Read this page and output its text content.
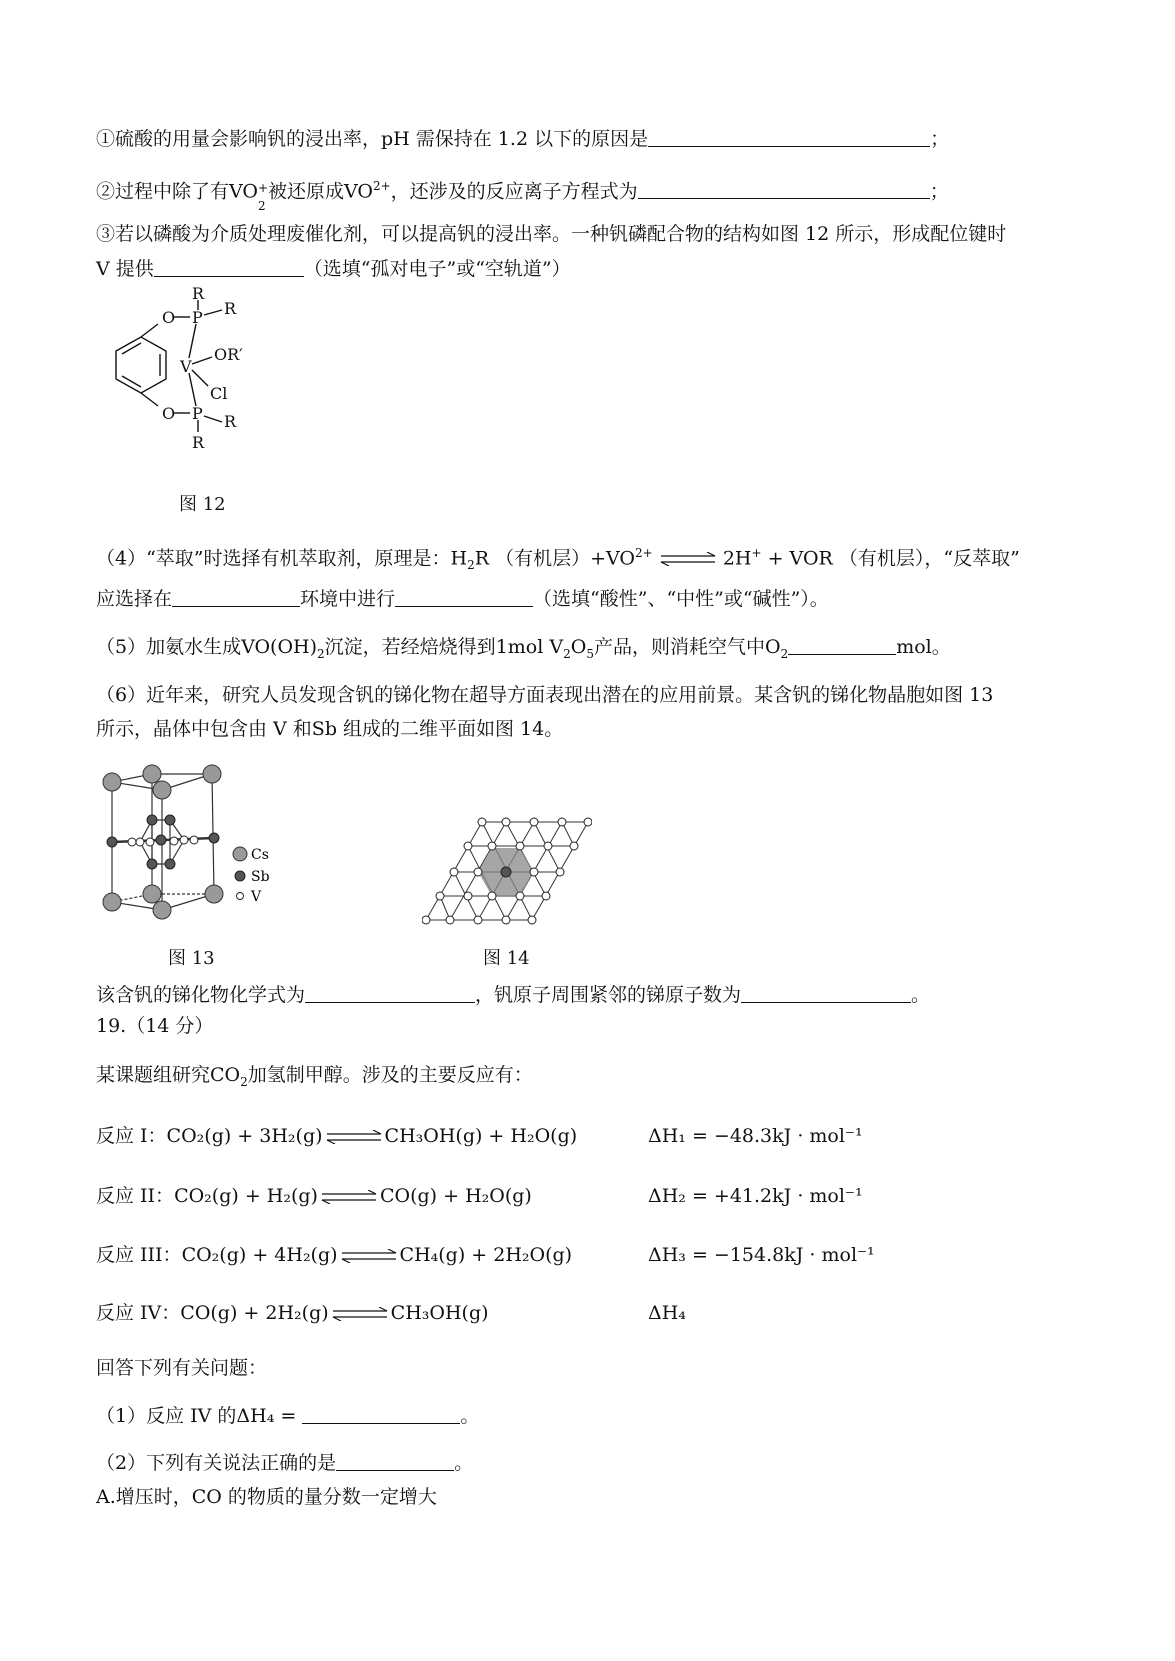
①硫酸的用量会影响钒的浸出率，pH 需保持在 1.2 以下的原因是	；
②过程中除了有VO +
2
被还原成$VO^{2+}$，还涉及的反应离子方程式为	；
③若以磷酸为介质处理废催化剂，可以提高钒的浸出率。一种钒磷配合物的结构如图 12 所示，形成配位键时
V 提供	（选填“孤对电子”或“空轨道”）
O P
R
R
V
OR′
Cl
O P R
R
图 12
（4）“萃取”时选择有机萃取剂，原理是：$H_2R$ （有机层）$+VO^{2+}$ ⇌ 2H+ + VOR （有机层），“反萃取”
应选择在	环境中进行	（选填“酸性”、“中性”或“碱性”）。
（5）加氨水生成$VO(OH)_2$沉淀，若经焙烧得到1mol $V_2O_5$产品，则消耗空气中$O_2$	mol。
（6）近年来，研究人员发现含钒的锑化物在超导方面表现出潜在的应用前景。某含钒的锑化物晶胞如图 13
所示，晶体中包含由 V 和Sb 组成的二维平面如图 14。
Cs
Sb
V
图 13	图 14
该含钒的锑化物化学式为	，钒原子周围紧邻的锑原子数为	。
19.（14 分）
某课题组研究$CO_2$加氢制甲醇。涉及的主要反应有：
反应 I：CO₂(g) + 3H₂(g) ⇌ CH₃OH(g) + H₂O(g)	ΔH₁ = −48.3kJ · mol⁻¹
反应 II：CO₂(g) + H₂(g) ⇌ CO(g) + H₂O(g)	ΔH₂ = +41.2kJ · mol⁻¹
反应 III：CO₂(g) + 4H₂(g) ⇌ CH₄(g) + 2H₂O(g)	ΔH₃ = −154.8kJ · mol⁻¹
反应 IV：CO(g) + 2H₂(g) ⇌ CH₃OH(g)	ΔH₄
回答下列有关问题：
（1）反应 IV 的ΔH₄ =	。
（2）下列有关说法正确的是	。
A.增压时，CO 的物质的量分数一定增大
